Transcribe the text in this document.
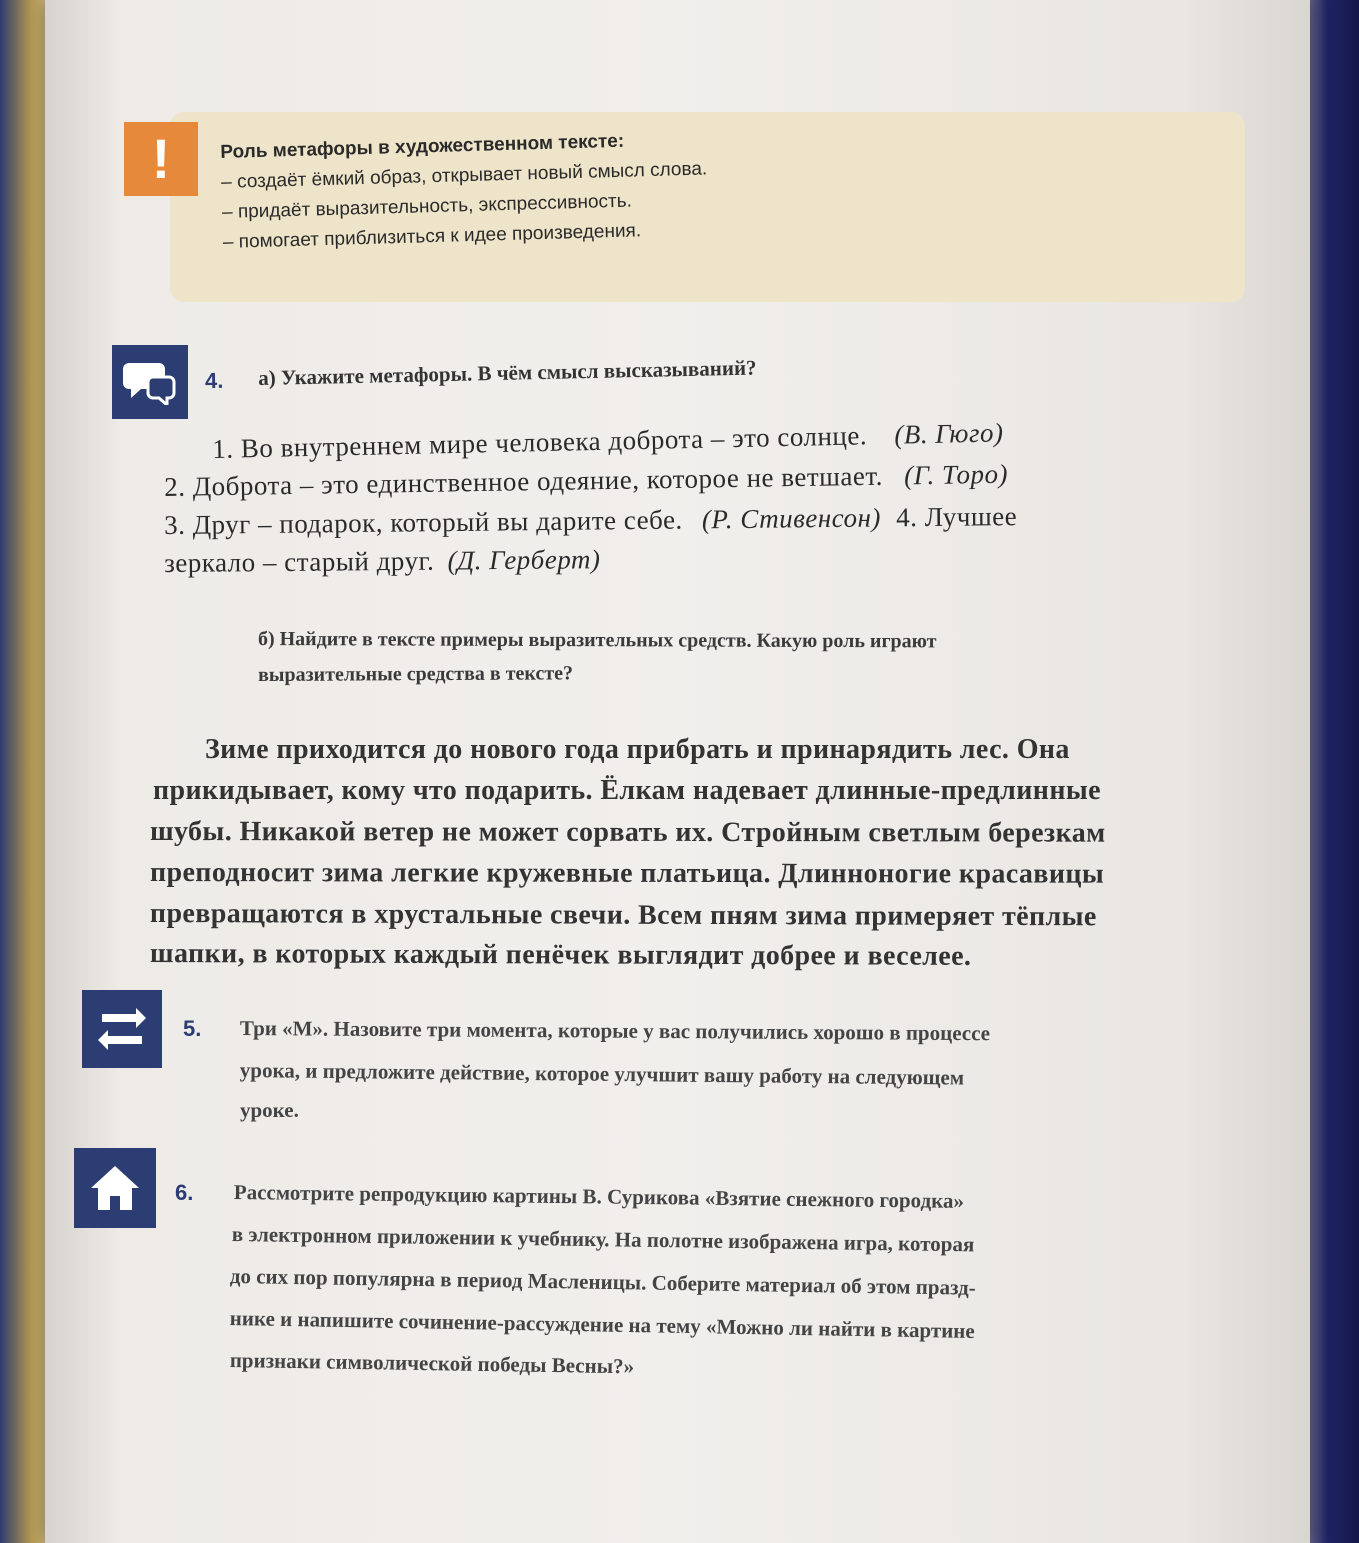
!	Роль метафоры в художественном тексте:
– создаёт ёмкий образ, открывает новый смысл слова.
– придаёт выразительность, экспрессивность.
– помогает приблизиться к идее произведения.
4. а) Укажите метафоры. В чём смысл высказываний?
1. Во внутреннем мире человека доброта – это солнце. (В. Гюго)
2. Доброта – это единственное одеяние, которое не ветшает. (Г. Торо)
3. Друг – подарок, который вы дарите себе. (Р. Стивенсон) 4. Лучшее
зеркало – старый друг. (Д. Герберт)
б) Найдите в тексте примеры выразительных средств. Какую роль играют
выразительные средства в тексте?
Зиме приходится до нового года прибрать и принарядить лес. Она
прикидывает, кому что подарить. Ёлкам надевает длинные-предлинные
шубы. Никакой ветер не может сорвать их. Стройным светлым березкам
преподносит зима легкие кружевные платьица. Длинноногие красавицы
превращаются в хрустальные свечи. Всем пням зима примеряет тёплые
шапки, в которых каждый пенёчек выглядит добрее и веселее.
5. Три «М». Назовите три момента, которые у вас получились хорошо в процессе
урока, и предложите действие, которое улучшит вашу работу на следующем
уроке.
6. Рассмотрите репродукцию картины В. Сурикова «Взятие снежного городка»
в электронном приложении к учебнику. На полотне изображена игра, которая
до сих пор популярна в период Масленицы. Соберите материал об этом празд-
нике и напишите сочинение-рассуждение на тему «Можно ли найти в картине
признаки символической победы Весны?»
